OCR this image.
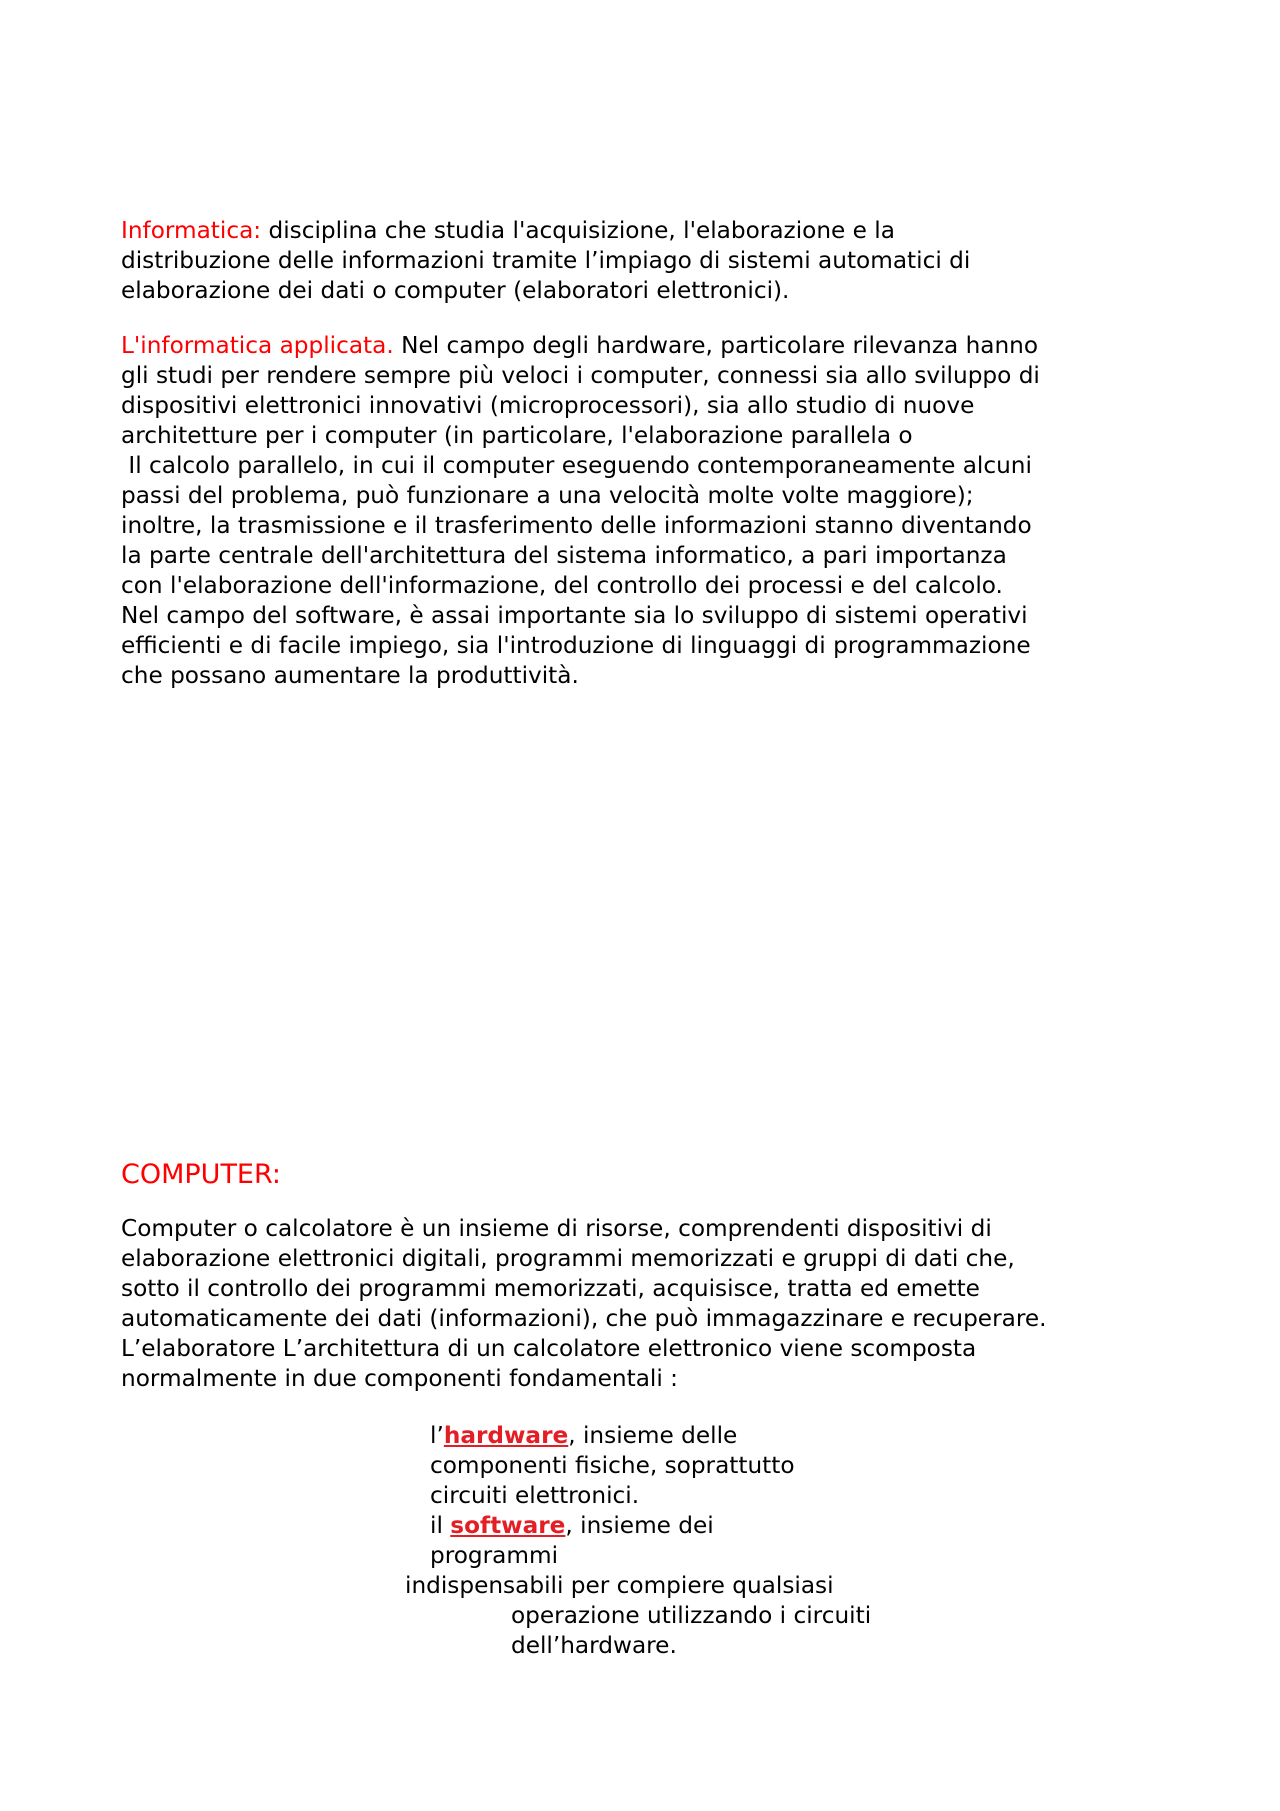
Informatica: disciplina che studia l'acquisizione, l'elaborazione e la
distribuzione delle informazioni tramite l’impiago di sistemi automatici di
elaborazione dei dati o computer (elaboratori elettronici).
L'informatica applicata. Nel campo degli hardware, particolare rilevanza hanno
gli studi per rendere sempre più veloci i computer, connessi sia allo sviluppo di
dispositivi elettronici innovativi (microprocessori), sia allo studio di nuove
architetture per i computer (in particolare, l'elaborazione parallela o
Il calcolo parallelo, in cui il computer eseguendo contemporaneamente alcuni
passi del problema, può funzionare a una velocità molte volte maggiore);
inoltre, la trasmissione e il trasferimento delle informazioni stanno diventando
la parte centrale dell'architettura del sistema informatico, a pari importanza
con l'elaborazione dell'informazione, del controllo dei processi e del calcolo.
Nel campo del software, è assai importante sia lo sviluppo di sistemi operativi
efficienti e di facile impiego, sia l'introduzione di linguaggi di programmazione
che possano aumentare la produttività.
COMPUTER:
Computer o calcolatore è un insieme di risorse, comprendenti dispositivi di
elaborazione elettronici digitali, programmi memorizzati e gruppi di dati che,
sotto il controllo dei programmi memorizzati, acquisisce, tratta ed emette
automaticamente dei dati (informazioni), che può immagazzinare e recuperare.
L’elaboratore L’architettura di un calcolatore elettronico viene scomposta
normalmente in due componenti fondamentali :
l’hardware, insieme delle
componenti fisiche, soprattutto
circuiti elettronici.
il software, insieme dei
programmi
indispensabili per compiere qualsiasi
operazione utilizzando i circuiti
dell’hardware.
